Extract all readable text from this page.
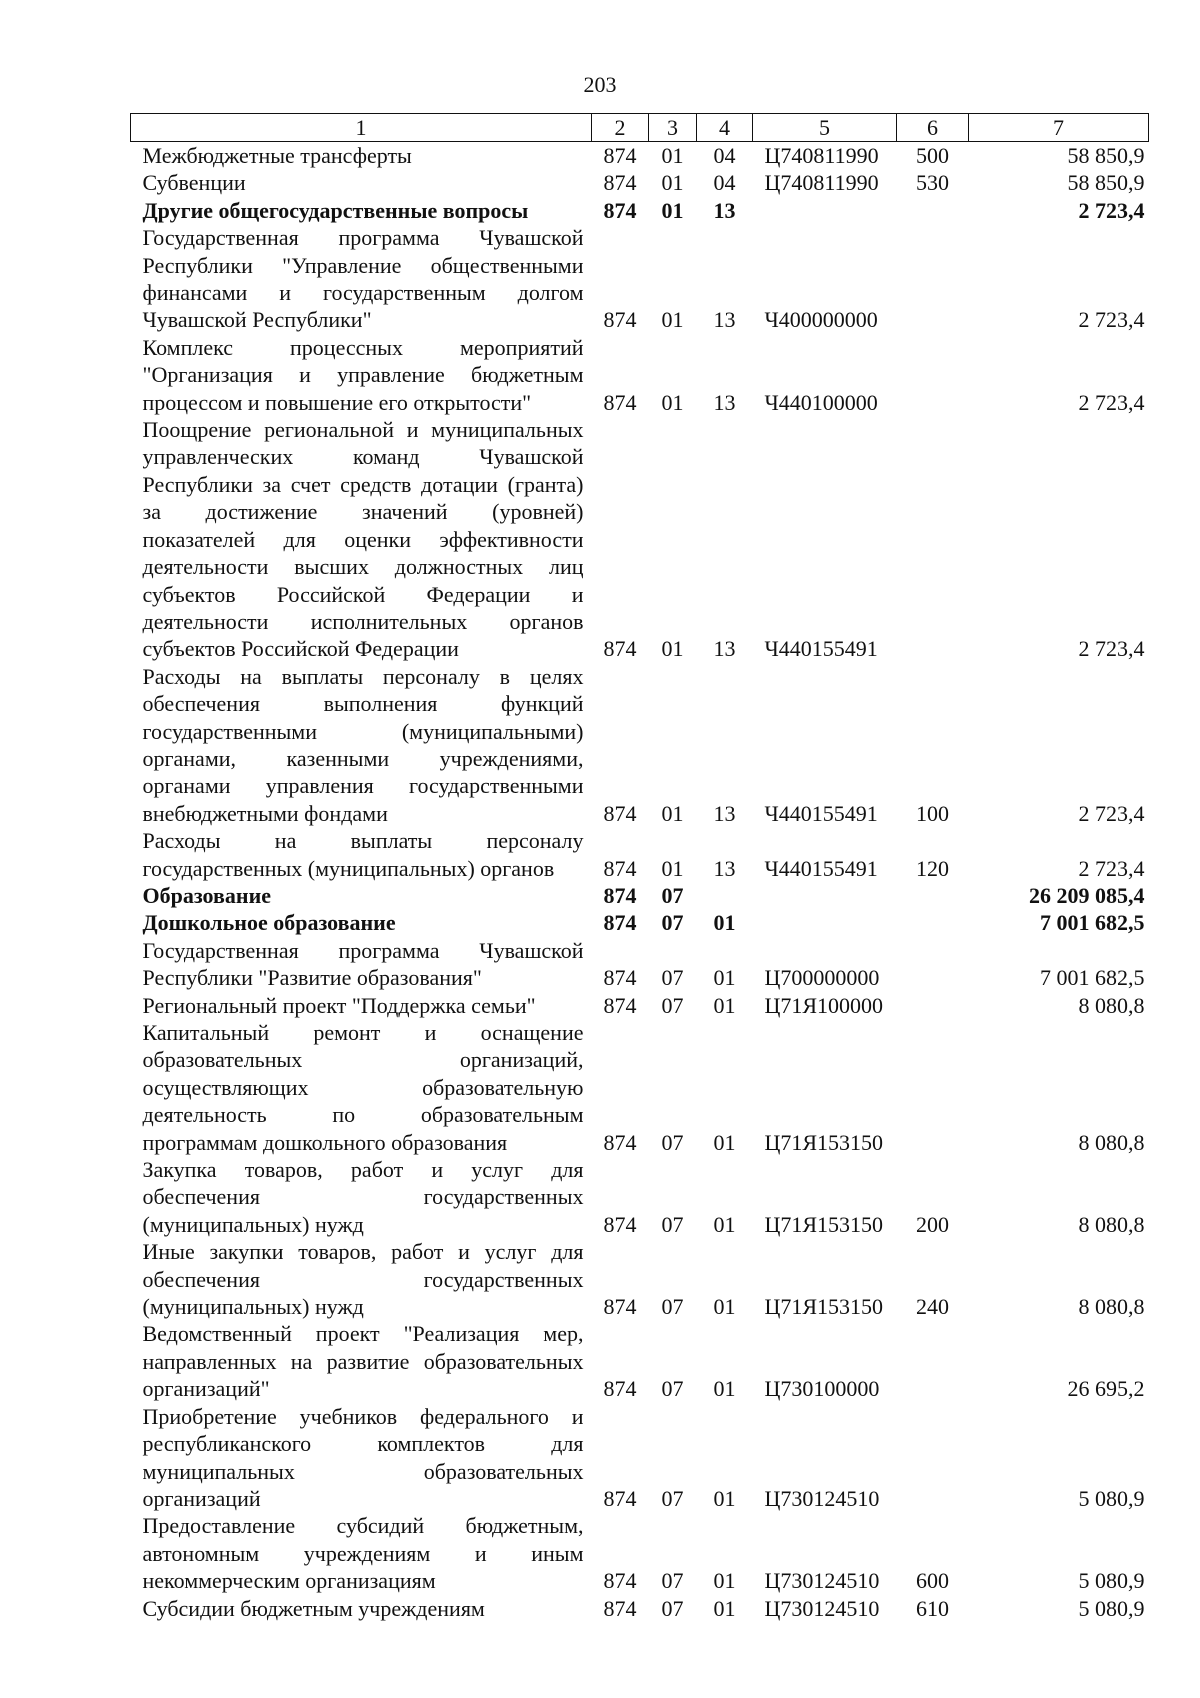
203
1	2	3	4	5	6	7
Межбюджетные трансферты	874	01	04	Ц740811990	500	58 850,9
Субвенции	874	01	04	Ц740811990	530	58 850,9
Другие общегосударственные вопросы	874	01	13			2 723,4
Государственная программа Чувашской Республики "Управление общественными финансами и государственным долгом Чувашской Республики"	874	01	13	Ч400000000		2 723,4
Комплекс процессных мероприятий "Организация и управление бюджетным процессом и повышение его открытости"	874	01	13	Ч440100000		2 723,4
Поощрение региональной и муниципальных управленческих команд Чувашской Республики за счет средств дотации (гранта) за достижение значений (уровней) показателей для оценки эффективности деятельности высших должностных лиц субъектов Российской Федерации и деятельности исполнительных органов субъектов Российской Федерации	874	01	13	Ч440155491		2 723,4
Расходы на выплаты персоналу в целях обеспечения выполнения функций государственными (муниципальными) органами, казенными учреждениями, органами управления государственными внебюджетными фондами	874	01	13	Ч440155491	100	2 723,4
Расходы на выплаты персоналу государственных (муниципальных) органов	874	01	13	Ч440155491	120	2 723,4
Образование	874	07				26 209 085,4
Дошкольное образование	874	07	01			7 001 682,5
Государственная программа Чувашской Республики "Развитие образования"	874	07	01	Ц700000000		7 001 682,5
Региональный проект "Поддержка семьи"	874	07	01	Ц71Я100000		8 080,8
Капитальный ремонт и оснащение образовательных организаций, осуществляющих образовательную деятельность по образовательным программам дошкольного образования	874	07	01	Ц71Я153150		8 080,8
Закупка товаров, работ и услуг для обеспечения государственных (муниципальных) нужд	874	07	01	Ц71Я153150	200	8 080,8
Иные закупки товаров, работ и услуг для обеспечения государственных (муниципальных) нужд	874	07	01	Ц71Я153150	240	8 080,8
Ведомственный проект "Реализация мер, направленных на развитие образовательных организаций"	874	07	01	Ц730100000		26 695,2
Приобретение учебников федерального и республиканского комплектов для муниципальных образовательных организаций	874	07	01	Ц730124510		5 080,9
Предоставление субсидий бюджетным, автономным учреждениям и иным некоммерческим организациям	874	07	01	Ц730124510	600	5 080,9
Субсидии бюджетным учреждениям	874	07	01	Ц730124510	610	5 080,9
